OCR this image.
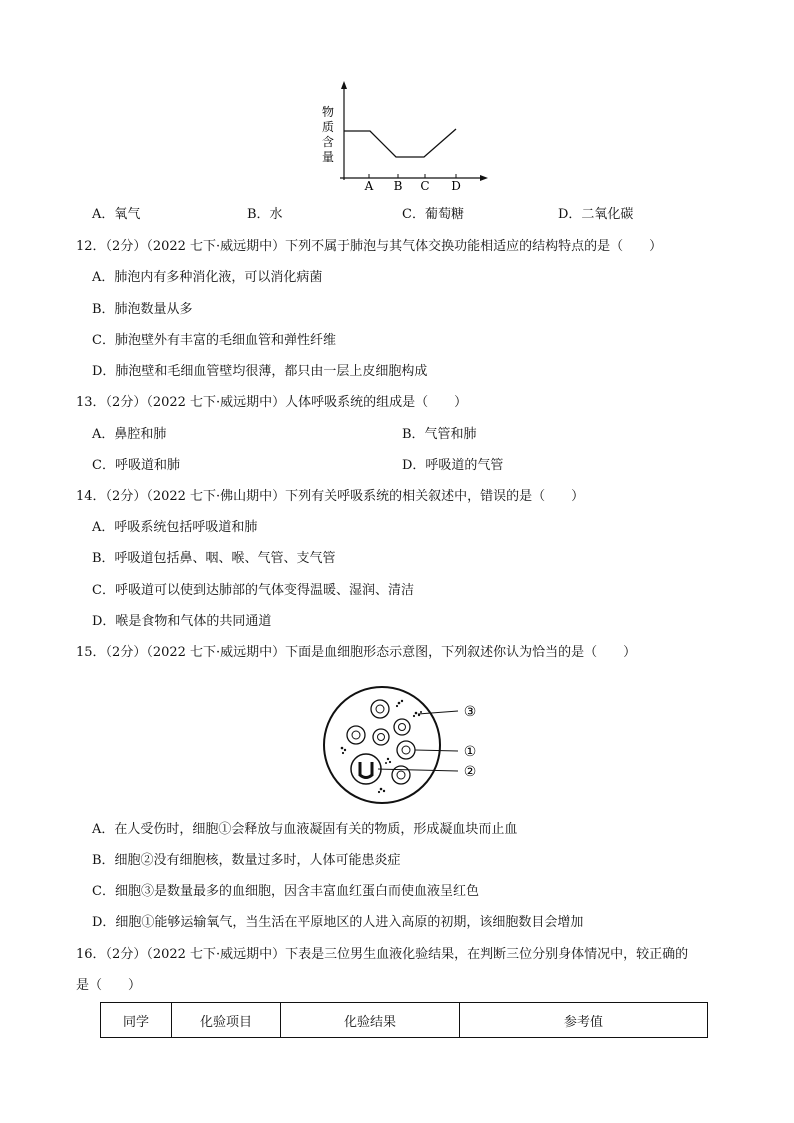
物
质
含
量
A B C D
A．氧气	B．水	C．葡萄糖	D．二氧化碳
12．（2分）（2022 七下·威远期中）下列不属于肺泡与其气体交换功能相适应的结构特点的是（　　）
A．肺泡内有多种消化液，可以消化病菌
B．肺泡数量从多
C．肺泡壁外有丰富的毛细血管和弹性纤维
D．肺泡壁和毛细血管壁均很薄，都只由一层上皮细胞构成
13．（2分）（2022 七下·威远期中）人体呼吸系统的组成是（　　）
A．鼻腔和肺	B．气管和肺
C．呼吸道和肺	D．呼吸道的气管
14．（2分）（2022 七下·佛山期中）下列有关呼吸系统的相关叙述中，错误的是（　　）
A．呼吸系统包括呼吸道和肺
B．呼吸道包括鼻、咽、喉、气管、支气管
C．呼吸道可以使到达肺部的气体变得温暖、湿润、清洁
D．喉是食物和气体的共同通道
15．（2分）（2022 七下·威远期中）下面是血细胞形态示意图，下列叙述你认为恰当的是（　　）
③
①
②
A．在人受伤时，细胞①会释放与血液凝固有关的物质，形成凝血块而止血
B．细胞②没有细胞核，数量过多时，人体可能患炎症
C．细胞③是数量最多的血细胞，因含丰富血红蛋白而使血液呈红色
D．细胞①能够运输氧气，当生活在平原地区的人进入高原的初期，该细胞数目会增加
16．（2分）（2022 七下·威远期中）下表是三位男生血液化验结果，在判断三位分别身体情况中，较正确的
是（　　）
同学	化验项目	化验结果	参考值
